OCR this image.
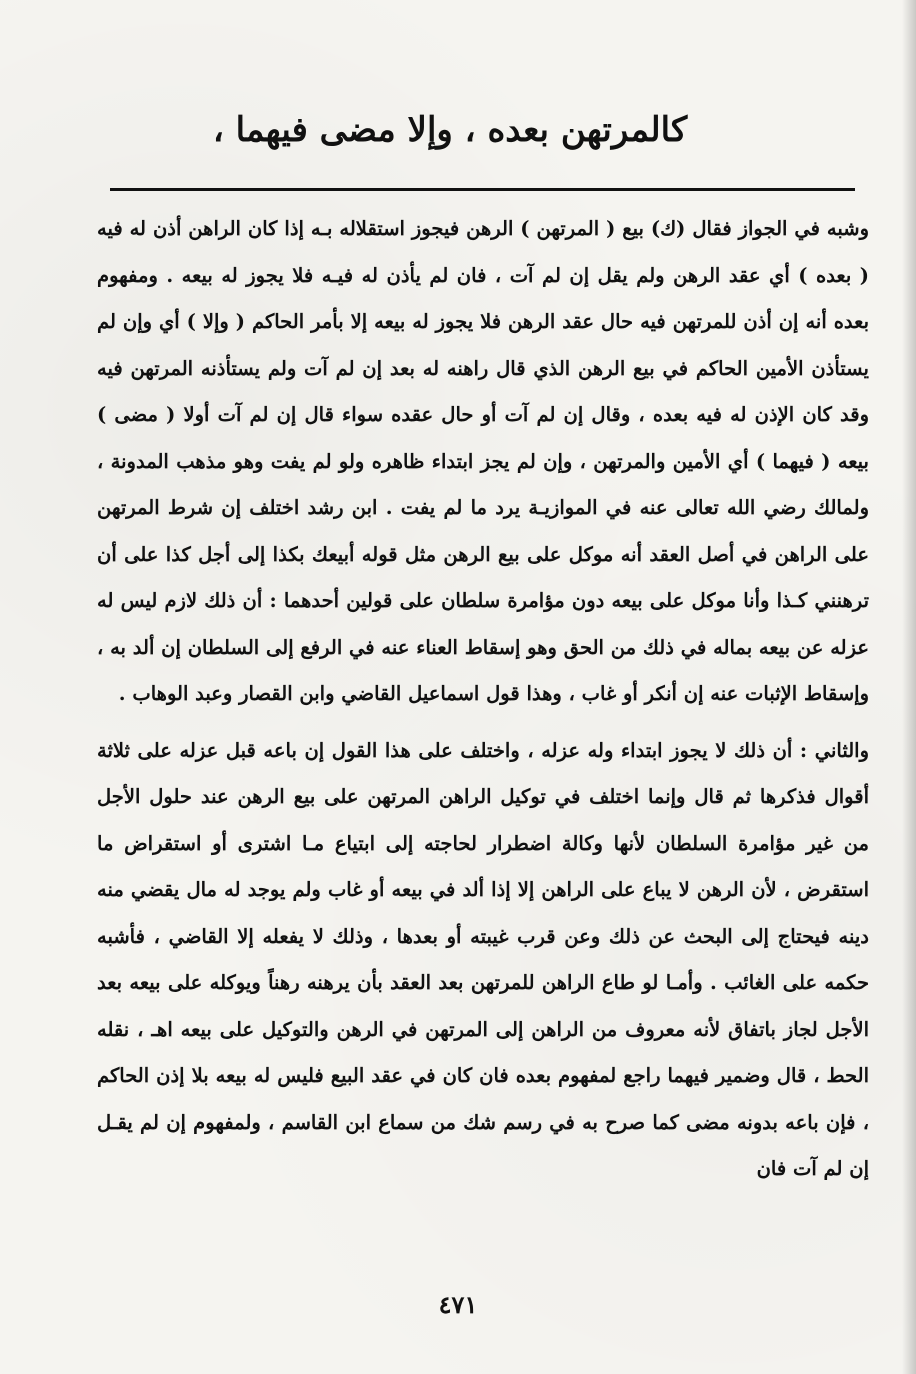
كالمرتهن بعده ، وإلا مضى فيهما ،

وشبه في الجواز فقال (ك) بيع ( المرتهن ) الرهن فيجوز استقلاله بـه إذا كان الراهن أذن له فيه ( بعده ) أي عقد الرهن ولم يقل إن لم آت ، فان لم يأذن له فيـه فلا يجوز له بيعه . ومفهوم بعده أنه إن أذن للمرتهن فيه حال عقد الرهن فلا يجوز له بيعه إلا بأمر الحاكم ( وإلا ) أي وإن لم يستأذن الأمين الحاكم في بيع الرهن الذي قال راهنه له بعد إن لم آت ولم يستأذنه المرتهن فيه وقد كان الإذن له فيه بعده ، وقال إن لم آت أو حال عقده سواء قال إن لم آت أولا ( مضى ) بيعه ( فيهما ) أي الأمين والمرتهن ، وإن لم يجز ابتداء ظاهره ولو لم يفت وهو مذهب المدونة ، ولمالك رضي الله تعالى عنه في الموازيـة يرد ما لم يفت . ابن رشد اختلف إن شرط المرتهن على الراهن في أصل العقد أنه موكل على بيع الرهن مثل قوله أبيعك بكذا إلى أجل كذا على أن ترهنني كـذا وأنا موكل على بيعه دون مؤامرة سلطان على قولين أحدهما : أن ذلك لازم ليس له عزله عن بيعه بماله في ذلك من الحق وهو إسقاط العناء عنه في الرفع إلى السلطان إن ألد به ، وإسقاط الإثبات عنه إن أنكر أو غاب ، وهذا قول اسماعيل القاضي وابن القصار وعبد الوهاب .

والثاني : أن ذلك لا يجوز ابتداء وله عزله ، واختلف على هذا القول إن باعه قبل عزله على ثلاثة أقوال فذكرها ثم قال وإنما اختلف في توكيل الراهن المرتهن على بيع الرهن عند حلول الأجل من غير مؤامرة السلطان لأنها وكالة اضطرار لحاجته إلى ابتياع مـا اشترى أو استقراض ما استقرض ، لأن الرهن لا يباع على الراهن إلا إذا ألد في بيعه أو غاب ولم يوجد له مال يقضي منه دينه فيحتاج إلى البحث عن ذلك وعن قرب غيبته أو بعدها ، وذلك لا يفعله إلا القاضي ، فأشبه حكمه على الغائب . وأمـا لو طاع الراهن للمرتهن بعد العقد بأن يرهنه رهناً ويوكله على بيعه بعد الأجل لجاز باتفاق لأنه معروف من الراهن إلى المرتهن في الرهن والتوكيل على بيعه اهـ ، نقله الحط ، قال وضمير فيهما راجع لمفهوم بعده فان كان في عقد البيع فليس له بيعه بلا إذن الحاكم ، فإن باعه بدونه مضى كما صرح به في رسم شك من سماع ابن القاسم ، ولمفهوم إن لم يقـل إن لم آت فان

٤٧١
